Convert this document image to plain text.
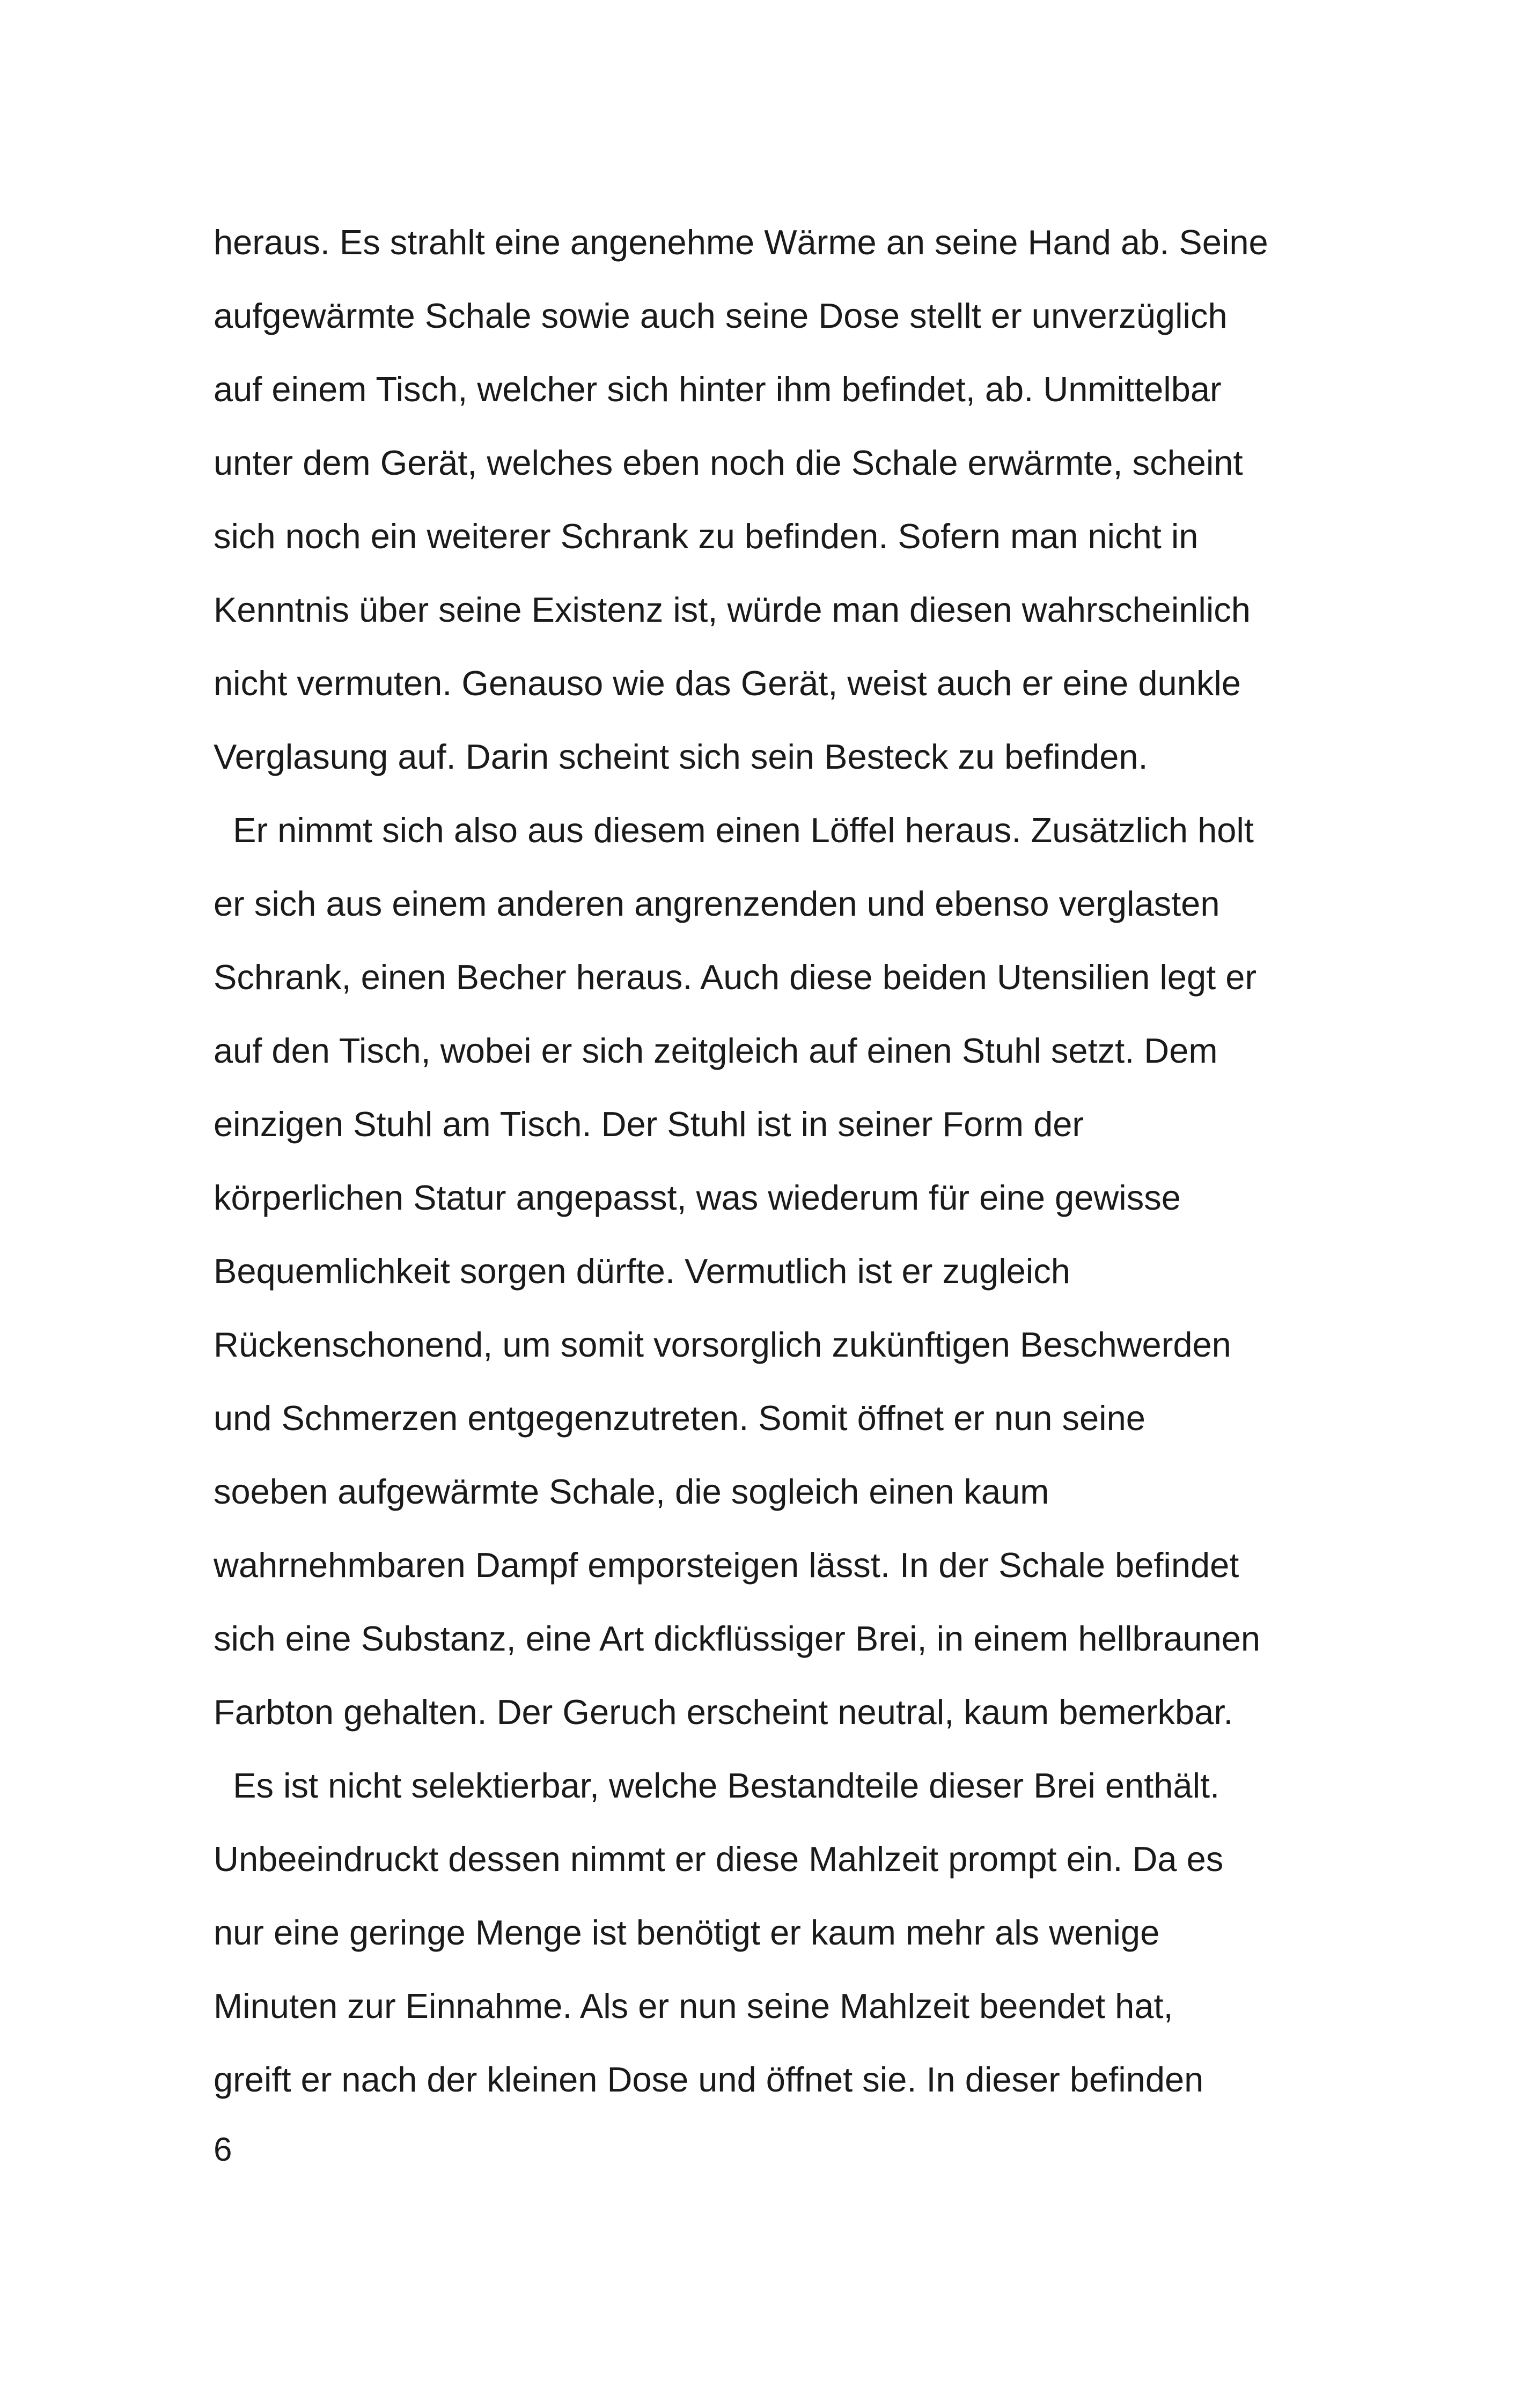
heraus. Es strahlt eine angenehme Wärme an seine Hand ab. Seine
aufgewärmte Schale sowie auch seine Dose stellt er unverzüglich
auf einem Tisch, welcher sich hinter ihm befindet, ab. Unmittelbar
unter dem Gerät, welches eben noch die Schale erwärmte, scheint
sich noch ein weiterer Schrank zu befinden. Sofern man nicht in
Kenntnis über seine Existenz ist, würde man diesen wahrscheinlich
nicht vermuten. Genauso wie das Gerät, weist auch er eine dunkle
Verglasung auf. Darin scheint sich sein Besteck zu befinden.
Er nimmt sich also aus diesem einen Löffel heraus. Zusätzlich holt
er sich aus einem anderen angrenzenden und ebenso verglasten
Schrank, einen Becher heraus. Auch diese beiden Utensilien legt er
auf den Tisch, wobei er sich zeitgleich auf einen Stuhl setzt. Dem
einzigen Stuhl am Tisch. Der Stuhl ist in seiner Form der
körperlichen Statur angepasst, was wiederum für eine gewisse
Bequemlichkeit sorgen dürfte. Vermutlich ist er zugleich
Rückenschonend, um somit vorsorglich zukünftigen Beschwerden
und Schmerzen entgegenzutreten. Somit öffnet er nun seine
soeben aufgewärmte Schale, die sogleich einen kaum
wahrnehmbaren Dampf emporsteigen lässt. In der Schale befindet
sich eine Substanz, eine Art dickflüssiger Brei, in einem hellbraunen
Farbton gehalten. Der Geruch erscheint neutral, kaum bemerkbar.
Es ist nicht selektierbar, welche Bestandteile dieser Brei enthält.
Unbeeindruckt dessen nimmt er diese Mahlzeit prompt ein. Da es
nur eine geringe Menge ist benötigt er kaum mehr als wenige
Minuten zur Einnahme. Als er nun seine Mahlzeit beendet hat,
greift er nach der kleinen Dose und öffnet sie. In dieser befinden
6
